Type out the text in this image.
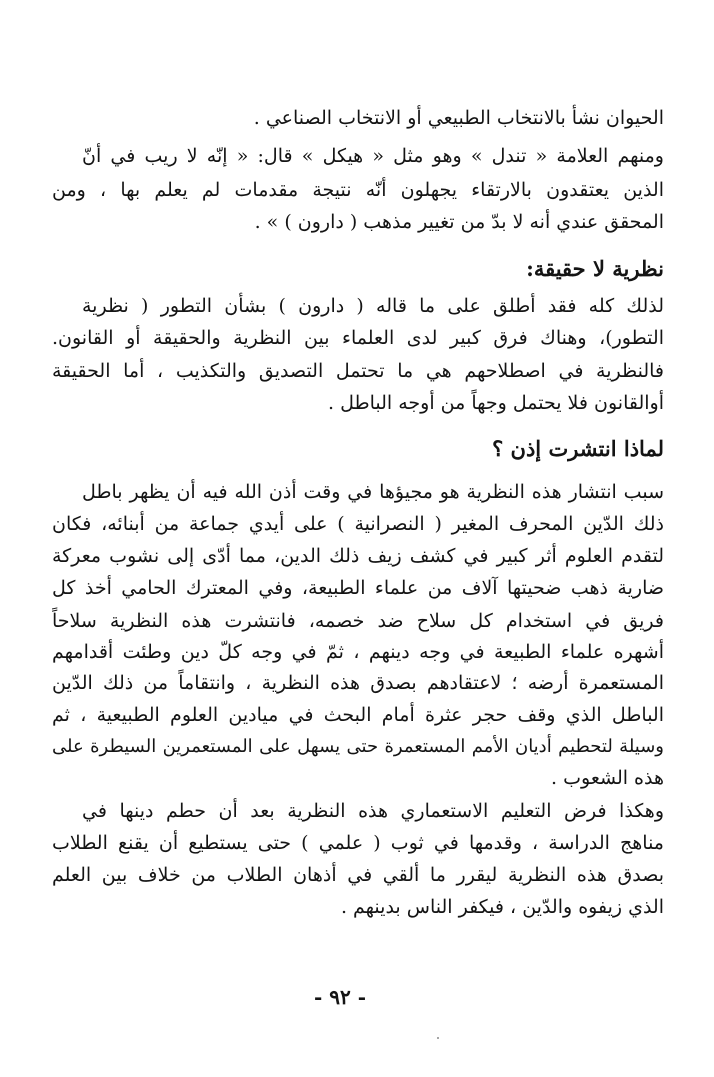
الحيوان نشأ بالانتخاب الطبيعي أو الانتخاب الصناعي .
ومنهم العلامة « تندل » وهو مثل « هيكل » قال: « إنّه لا ريب في أنّ
الذين يعتقدون بالارتقاء يجهلون أنّه نتيجة مقدمات لم يعلم بها ، ومن
المحقق عندي أنه لا بدّ من تغيير مذهب ( دارون ) » .
نظرية لا حقيقة:
لذلك كله فقد أطلق على ما قاله ( دارون ) بشأن التطور ( نظرية
التطور)، وهناك فرق كبير لدى العلماء بين النظرية والحقيقة أو القانون.
فالنظرية في اصطلاحهم هي ما تحتمل التصديق والتكذيب ، أما الحقيقة
أوالقانون فلا يحتمل وجهاً من أوجه الباطل .
لماذا انتشرت إذن ؟
سبب انتشار هذه النظرية هو مجيؤها في وقت أذن الله فيه أن يظهر باطل
ذلك الدّين المحرف المغير ( النصرانية ) على أيدي جماعة من أبنائه، فكان
لتقدم العلوم أثر كبير في كشف زيف ذلك الدين، مما أدّى إلى نشوب معركة
ضارية ذهب ضحيتها آلاف من علماء الطبيعة، وفي المعترك الحامي أخذ كل
فريق في استخدام كل سلاح ضد خصمه، فانتشرت هذه النظرية سلاحاً
أشهره علماء الطبيعة في وجه دينهم ، ثمّ في وجه كلّ دين وطئت أقدامهم
المستعمرة أرضه ؛ لاعتقادهم بصدق هذه النظرية ، وانتقاماً من ذلك الدّين
الباطل الذي وقف حجر عثرة أمام البحث في ميادين العلوم الطبيعية ، ثم
وسيلة لتحطيم أديان الأمم المستعمرة حتى يسهل على المستعمرين السيطرة على
هذه الشعوب .
وهكذا فرض التعليم الاستعماري هذه النظرية بعد أن حطم دينها في
مناهج الدراسة ، وقدمها في ثوب ( علمي ) حتى يستطيع أن يقنع الطلاب
بصدق هذه النظرية ليقرر ما ألقي في أذهان الطلاب من خلاف بين العلم
الذي زيفوه والدّين ، فيكفر الناس بدينهم .
- ٩٢ -
